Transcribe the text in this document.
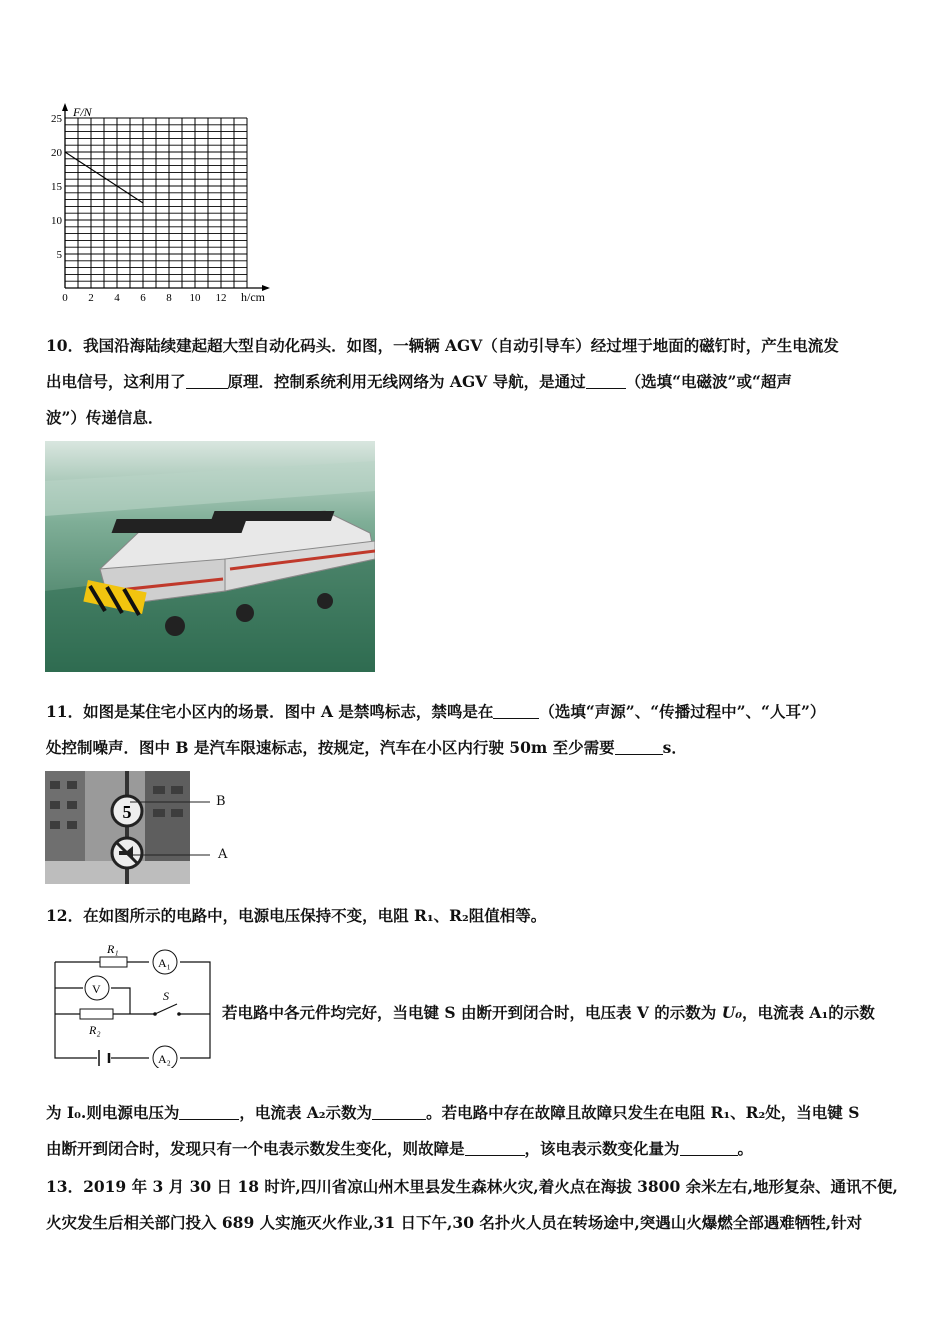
0 2 4 6 8 10 12
5
10
15
20
25 F/N
h/cm
10．我国沿海陆续建起超大型自动化码头．如图，一辆辆 AGV（自动引导车）经过埋于地面的磁钉时，产生电流发
出电信号，这利用了	原理．控制系统利用无线网络为 AGV 导航，是通过	（选填“电磁波”或“超声
波”）传递信息．
11．如图是某住宅小区内的场景．图中 A 是禁鸣标志，禁鸣是在	（选填“声源”、“传播过程中”、“人耳”）
处控制噪声．图中 B 是汽车限速标志，按规定，汽车在小区内行驶 50m 至少需要	s．
5
B
A
12．在如图所示的电路中，电源电压保持不变，电阻 R₁、R₂阻值相等。
R₁
R₂
A₁
V
A₂
S
若电路中各元件均完好，当电键 S 由断开到闭合时，电压表 V 的示数为 U₀，电流表 A₁的示数
为 I₀.则电源电压为	，电流表 A₂示数为	。若电路中存在故障且故障只发生在电阻 R₁、R₂处，当电键 S
由断开到闭合时，发现只有一个电表示数发生变化，则故障是	，该电表示数变化量为	。
13．2019 年 3 月 30 日 18 时许,四川省凉山州木里县发生森林火灾,着火点在海拔 3800 余米左右,地形复杂、通讯不便,
火灾发生后相关部门投入 689 人实施灭火作业,31 日下午,30 名扑火人员在转场途中,突遇山火爆燃全部遇难牺牲,针对
